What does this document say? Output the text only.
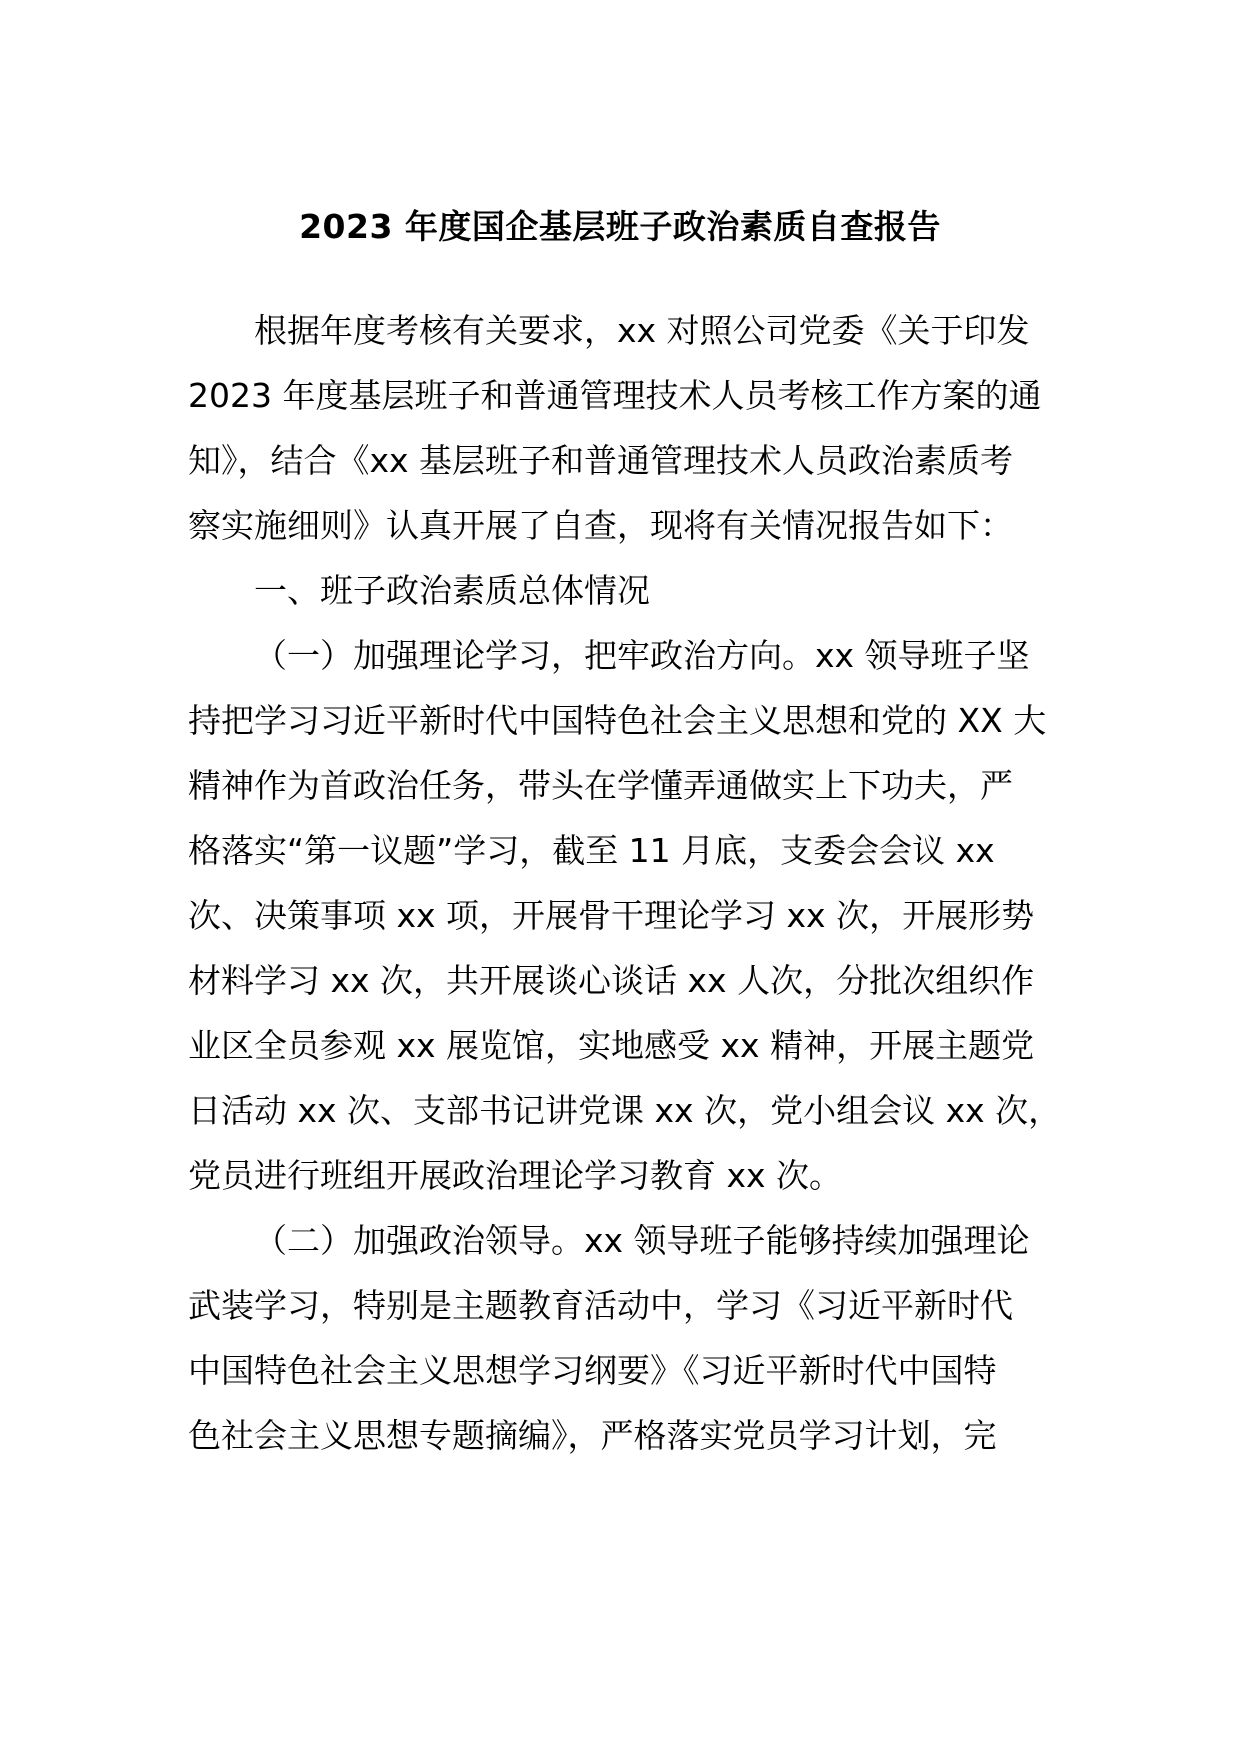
2023 年度国企基层班子政治素质自查报告
根据年度考核有关要求，xx 对照公司党委《关于印发
2023 年度基层班子和普通管理技术人员考核工作方案的通
知》，结合《xx 基层班子和普通管理技术人员政治素质考
察实施细则》认真开展了自查，现将有关情况报告如下：
一、班子政治素质总体情况
（一）加强理论学习，把牢政治方向。xx 领导班子坚
持把学习习近平新时代中国特色社会主义思想和党的 XX 大
精神作为首政治任务，带头在学懂弄通做实上下功夫，严
格落实“第一议题”学习，截至 11 月底，支委会会议 xx
次、决策事项 xx 项，开展骨干理论学习 xx 次，开展形势
材料学习 xx 次，共开展谈心谈话 xx 人次，分批次组织作
业区全员参观 xx 展览馆，实地感受 xx 精神，开展主题党
日活动 xx 次、支部书记讲党课 xx 次，党小组会议 xx 次，
党员进行班组开展政治理论学习教育 xx 次。
（二）加强政治领导。xx 领导班子能够持续加强理论
武装学习，特别是主题教育活动中，学习《习近平新时代
中国特色社会主义思想学习纲要》《习近平新时代中国特
色社会主义思想专题摘编》，严格落实党员学习计划，完
